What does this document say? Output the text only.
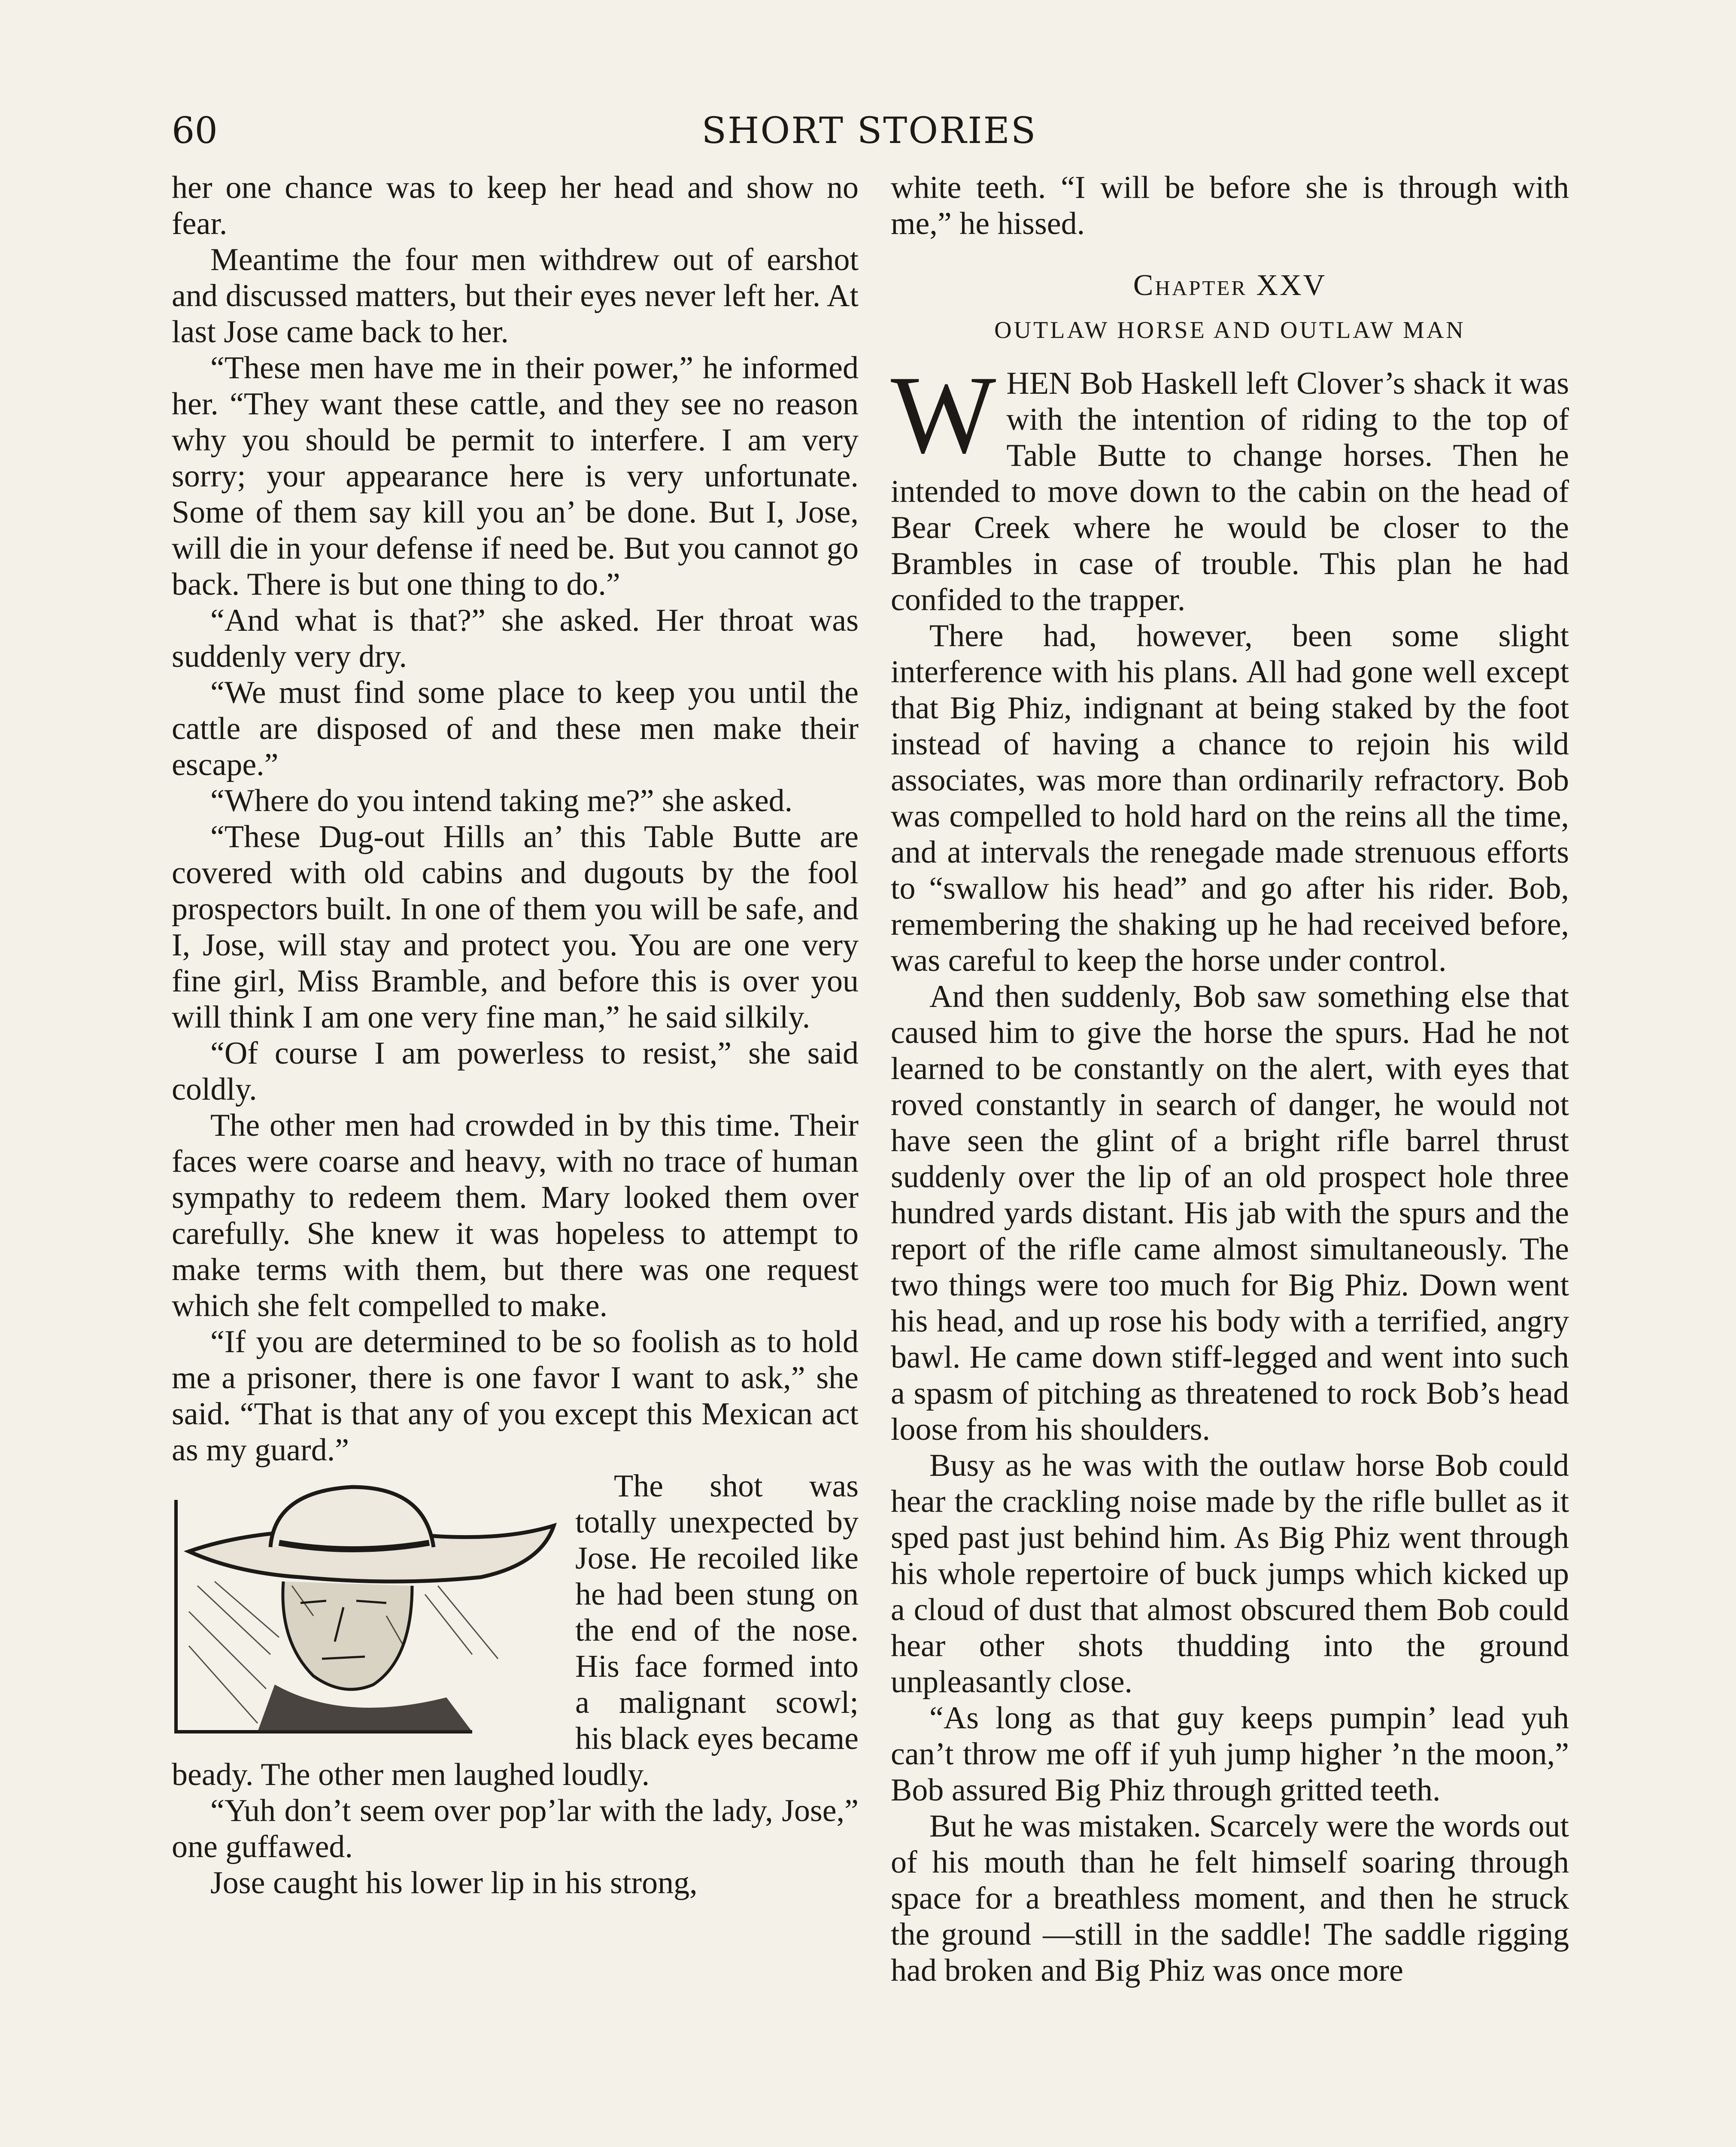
60	SHORT STORIES

her one chance was to keep her head and show no fear.

Meantime the four men withdrew out of earshot and discussed matters, but their eyes never left her. At last Jose came back to her.

“These men have me in their power,” he informed her. “They want these cattle, and they see no reason why you should be permit to interfere. I am very sorry; your appearance here is very unfortunate. Some of them say kill you an’ be done. But I, Jose, will die in your defense if need be. But you cannot go back. There is but one thing to do.”

“And what is that?” she asked. Her throat was suddenly very dry.

“We must find some place to keep you until the cattle are disposed of and these men make their escape.”

“Where do you intend taking me?” she asked.

“These Dug-out Hills an’ this Table Butte are covered with old cabins and dugouts by the fool prospectors built. In one of them you will be safe, and I, Jose, will stay and protect you. You are one very fine girl, Miss Bramble, and before this is over you will think I am one very fine man,” he said silkily.

“Of course I am powerless to resist,” she said coldly.

The other men had crowded in by this time. Their faces were coarse and heavy, with no trace of human sympathy to redeem them. Mary looked them over carefully. She knew it was hopeless to attempt to make terms with them, but there was one request which she felt compelled to make.

“If you are determined to be so foolish as to hold me a prisoner, there is one favor I want to ask,” she said. “That is that any of you except this Mexican act as my guard.”

The shot was totally unexpected by Jose. He recoiled like he had been stung on the end of the nose. His face formed into a malignant scowl; his black eyes became beady. The other men laughed loudly.

“Yuh don’t seem over pop’lar with the lady, Jose,” one guffawed.

Jose caught his lower lip in his strong,

white teeth. “I will be before she is through with me,” he hissed.

Chapter XXV
OUTLAW HORSE AND OUTLAW MAN

W HEN Bob Haskell left Clover’s shack it was with the intention of riding to the top of Table Butte to change horses. Then he intended to move down to the cabin on the head of Bear Creek where he would be closer to the Brambles in case of trouble. This plan he had confided to the trapper.

There had, however, been some slight interference with his plans. All had gone well except that Big Phiz, indignant at being staked by the foot instead of having a chance to rejoin his wild associates, was more than ordinarily refractory. Bob was compelled to hold hard on the reins all the time, and at intervals the renegade made strenuous efforts to “swallow his head” and go after his rider. Bob, remembering the shaking up he had received before, was careful to keep the horse under control.

And then suddenly, Bob saw something else that caused him to give the horse the spurs. Had he not learned to be constantly on the alert, with eyes that roved constantly in search of danger, he would not have seen the glint of a bright rifle barrel thrust suddenly over the lip of an old prospect hole three hundred yards distant. His jab with the spurs and the report of the rifle came almost simultaneously. The two things were too much for Big Phiz. Down went his head, and up rose his body with a terrified, angry bawl. He came down stiff-legged and went into such a spasm of pitching as threatened to rock Bob’s head loose from his shoulders.

Busy as he was with the outlaw horse Bob could hear the crackling noise made by the rifle bullet as it sped past just behind him. As Big Phiz went through his whole repertoire of buck jumps which kicked up a cloud of dust that almost obscured them Bob could hear other shots thudding into the ground unpleasantly close.

“As long as that guy keeps pumpin’ lead yuh can’t throw me off if yuh jump higher ’n the moon,” Bob assured Big Phiz through gritted teeth.

But he was mistaken. Scarcely were the words out of his mouth than he felt himself soaring through space for a breathless moment, and then he struck the ground —still in the saddle! The saddle rigging had broken and Big Phiz was once more
